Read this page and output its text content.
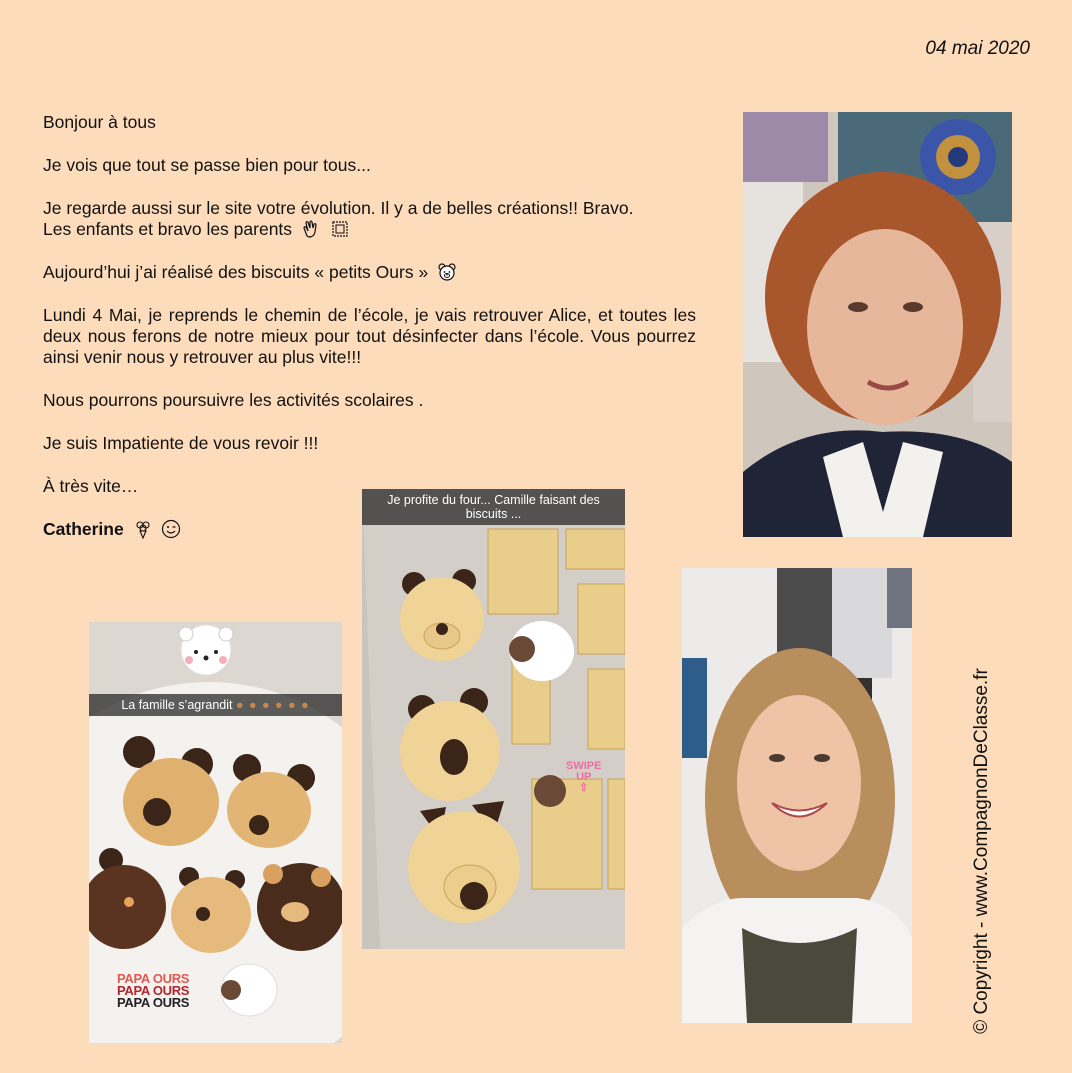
04 mai 2020

Bonjour à tous

Je vois que tout se passe bien pour tous...

Je regarde aussi sur le site votre évolution. Il y a de belles créations!! Bravo.
Les enfants et bravo les parents

Aujourd’hui j’ai réalisé des biscuits « petits Ours »

Lundi 4 Mai, je reprends le chemin de l’école, je vais retrouver Alice, et toutes les deux nous ferons de notre mieux pour tout désinfecter dans l’école. Vous pourrez ainsi venir nous y retrouver au plus vite!!!

Nous pourrons poursuivre les activités scolaires .

Je suis Impatiente de vous revoir !!!

À très vite…

Catherine

La famille s’agrandit ● ● ● ● ● ●
PAPA OURS
PAPA OURS
PAPA OURS
Je profite du four... Camille faisant des biscuits ...
SWIPE
UP
⇧	© Copyright - www.CompagnonDeClasse.fr
